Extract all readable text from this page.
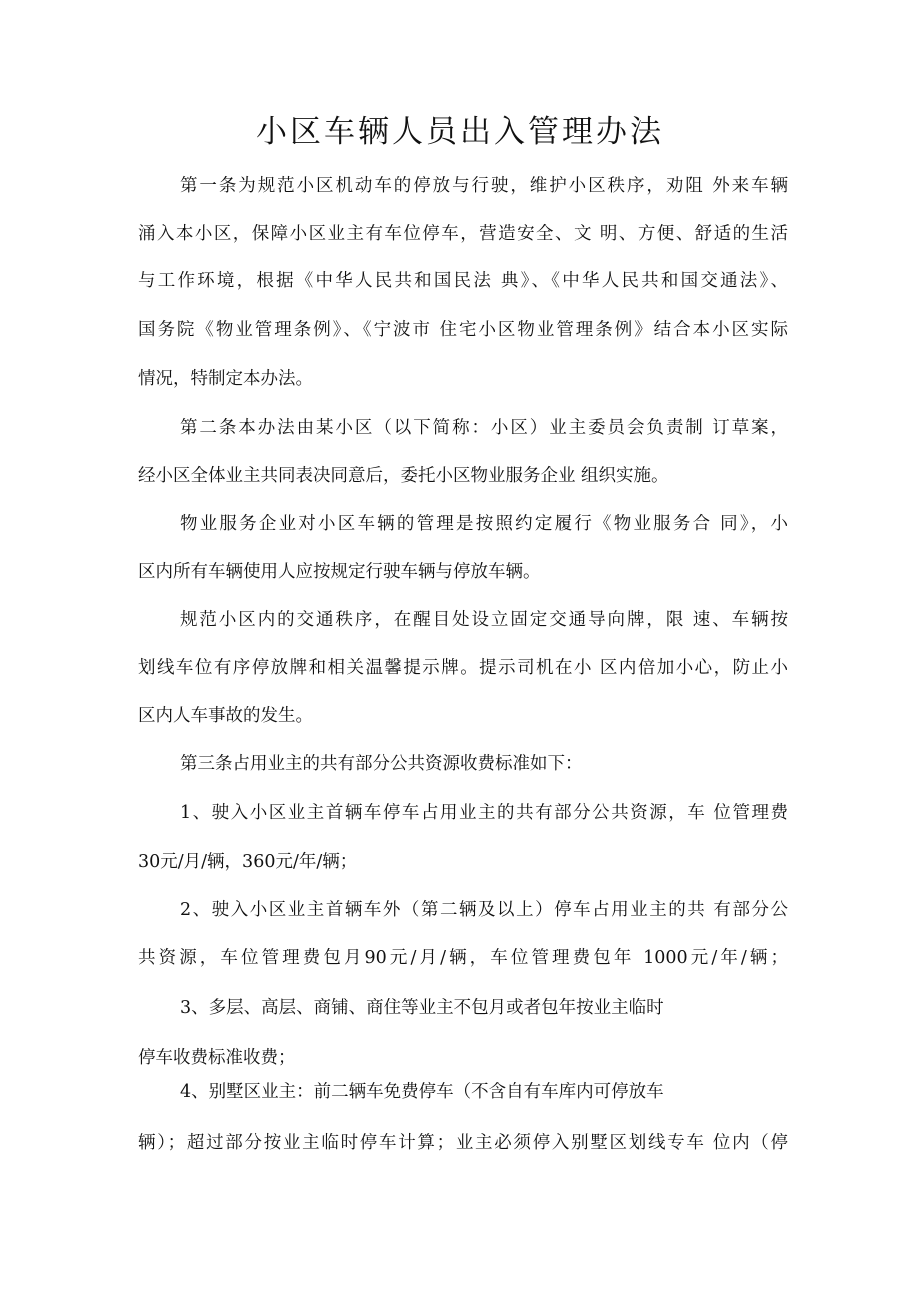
小区车辆人员出入管理办法
第一条为规范小区机动车的停放与行驶，维护小区秩序，劝阻 外来车辆
涌入本小区，保障小区业主有车位停车，营造安全、文 明、方便、舒适的生活
与工作环境，根据《中华人民共和国民法 典》、《中华人民共和国交通法》、
国务院《物业管理条例》、《宁波市 住宅小区物业管理条例》结合本小区实际
情况，特制定本办法。
第二条本办法由某小区（以下简称：小区）业主委员会负责制 订草案，
经小区全体业主共同表决同意后，委托小区物业服务企业 组织实施。
物业服务企业对小区车辆的管理是按照约定履行《物业服务合 同》，小
区内所有车辆使用人应按规定行驶车辆与停放车辆。
规范小区内的交通秩序，在醒目处设立固定交通导向牌，限 速、车辆按
划线车位有序停放牌和相关温馨提示牌。提示司机在小 区内倍加小心，防止小
区内人车事故的发生。
第三条占用业主的共有部分公共资源收费标准如下：
1、驶入小区业主首辆车停车占用业主的共有部分公共资源，车 位管理费
30元/月/辆，360元/年/辆；
2、驶入小区业主首辆车外（第二辆及以上）停车占用业主的共 有部分公
共资源，车位管理费包月90元/月/辆，车位管理费包年 1000元/年/辆；
3、多层、高层、商铺、商住等业主不包月或者包年按业主临时
停车收费标准收费；
4、别墅区业主：前二辆车免费停车（不含自有车库内可停放车
辆）；超过部分按业主临时停车计算；业主必须停入别墅区划线专车 位内（停
